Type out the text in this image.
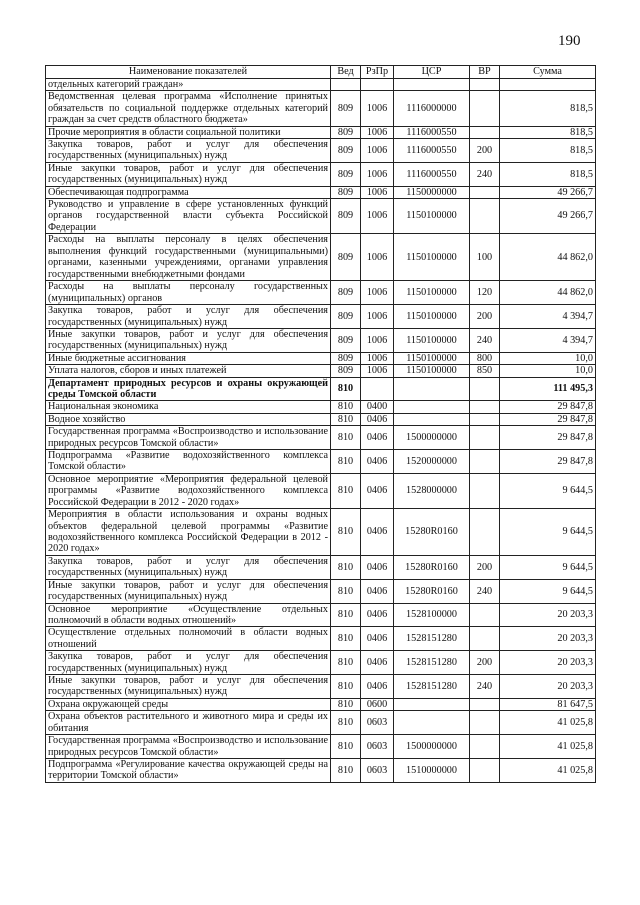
190
Наименование показателей	Вед	РзПр	ЦСР	ВР	Сумма
отдельных категорий граждан»					
Ведомственная целевая программа «Исполнение принятых обязательств по социальной поддержке отдельных категорий граждан за счет средств областного бюджета»	809	1006	1116000000		818,5
Прочие мероприятия в области социальной политики	809	1006	1116000550		818,5
Закупка товаров, работ и услуг для обеспечения государственных (муниципальных) нужд	809	1006	1116000550	200	818,5
Иные закупки товаров, работ и услуг для обеспечения государственных (муниципальных) нужд	809	1006	1116000550	240	818,5
Обеспечивающая подпрограмма	809	1006	1150000000		49 266,7
Руководство и управление в сфере установленных функций органов государственной власти субъекта Российской Федерации	809	1006	1150100000		49 266,7
Расходы на выплаты персоналу в целях обеспечения выполнения функций государственными (муниципальными) органами, казенными учреждениями, органами управления государственными внебюджетными фондами	809	1006	1150100000	100	44 862,0
Расходы на выплаты персоналу государственных (муниципальных) органов	809	1006	1150100000	120	44 862,0
Закупка товаров, работ и услуг для обеспечения государственных (муниципальных) нужд	809	1006	1150100000	200	4 394,7
Иные закупки товаров, работ и услуг для обеспечения государственных (муниципальных) нужд	809	1006	1150100000	240	4 394,7
Иные бюджетные ассигнования	809	1006	1150100000	800	10,0
Уплата налогов, сборов и иных платежей	809	1006	1150100000	850	10,0
Департамент природных ресурсов и охраны окружающей среды Томской области	810				111 495,3
Национальная экономика	810	0400			29 847,8
Водное хозяйство	810	0406			29 847,8
Государственная программа «Воспроизводство и использование природных ресурсов Томской области»	810	0406	1500000000		29 847,8
Подпрограмма «Развитие водохозяйственного комплекса Томской области»	810	0406	1520000000		29 847,8
Основное мероприятие «Мероприятия федеральной целевой программы «Развитие водохозяйственного комплекса Российской Федерации в 2012 - 2020 годах»	810	0406	1528000000		9 644,5
Мероприятия в области использования и охраны водных объектов федеральной целевой программы «Развитие водохозяйственного комплекса Российской Федерации в 2012 - 2020 годах»	810	0406	15280R0160		9 644,5
Закупка товаров, работ и услуг для обеспечения государственных (муниципальных) нужд	810	0406	15280R0160	200	9 644,5
Иные закупки товаров, работ и услуг для обеспечения государственных (муниципальных) нужд	810	0406	15280R0160	240	9 644,5
Основное мероприятие «Осуществление отдельных полномочий в области водных отношений»	810	0406	1528100000		20 203,3
Осуществление отдельных полномочий в области водных отношений	810	0406	1528151280		20 203,3
Закупка товаров, работ и услуг для обеспечения государственных (муниципальных) нужд	810	0406	1528151280	200	20 203,3
Иные закупки товаров, работ и услуг для обеспечения государственных (муниципальных) нужд	810	0406	1528151280	240	20 203,3
Охрана окружающей среды	810	0600			81 647,5
Охрана объектов растительного и животного мира и среды их обитания	810	0603			41 025,8
Государственная программа «Воспроизводство и использование природных ресурсов Томской области»	810	0603	1500000000		41 025,8
Подпрограмма «Регулирование качества окружающей среды на территории Томской области»	810	0603	1510000000		41 025,8
